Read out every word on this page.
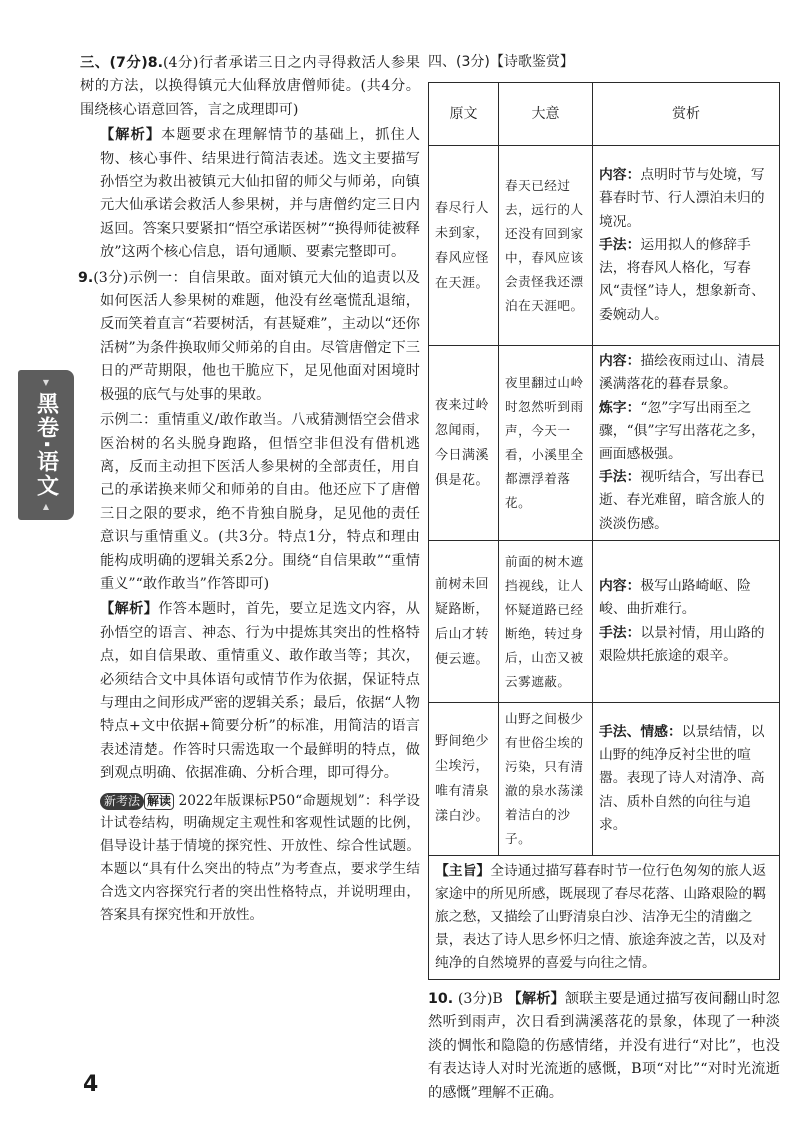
▼
黑卷·语文
▲

三、(7分)8.(4分)行者承诺三日之内寻得救活人参果树的方法，以换得镇元大仙释放唐僧师徒。(共4分。围绕核心语意回答，言之成理即可)

【解析】本题要求在理解情节的基础上，抓住人物、核心事件、结果进行简洁表述。选文主要描写孙悟空为救出被镇元大仙扣留的师父与师弟，向镇元大仙承诺会救活人参果树，并与唐僧约定三日内返回。答案只要紧扣“悟空承诺医树”“换得师徒被释放”这两个核心信息，语句通顺、要素完整即可。

9.(3分)示例一：自信果敢。面对镇元大仙的追责以及如何医活人参果树的难题，他没有丝毫慌乱退缩，反而笑着直言“若要树活，有甚疑难”，主动以“还你活树”为条件换取师父师弟的自由。尽管唐僧定下三日的严苛期限，他也干脆应下，足见他面对困境时极强的底气与处事的果敢。

示例二：重情重义/敢作敢当。八戒猜测悟空会借求医治树的名头脱身跑路，但悟空非但没有借机逃离，反而主动担下医活人参果树的全部责任，用自己的承诺换来师父和师弟的自由。他还应下了唐僧三日之限的要求，绝不肯独自脱身，足见他的责任意识与重情重义。(共3分。特点1分，特点和理由能构成明确的逻辑关系2分。围绕“自信果敢”“重情重义”“敢作敢当”作答即可)

【解析】作答本题时，首先，要立足选文内容，从孙悟空的语言、神态、行为中提炼其突出的性格特点，如自信果敢、重情重义、敢作敢当等；其次，必须结合文中具体语句或情节作为依据，保证特点与理由之间形成严密的逻辑关系；最后，依据“人物特点+文中依据+简要分析”的标准，用简洁的语言表述清楚。作答时只需选取一个最鲜明的特点，做到观点明确、依据准确、分析合理，即可得分。

新考法 解读 2022年版课标P50“命题规划”：科学设计试卷结构，明确规定主观性和客观性试题的比例，倡导设计基于情境的探究性、开放性、综合性试题。本题以“具有什么突出的特点”为考查点，要求学生结合选文内容探究行者的突出性格特点，并说明理由，答案具有探究性和开放性。

4
四、(3分)【诗歌鉴赏】
原文	大意	赏析
春尽行人未到家，春风应怪在天涯。	春天已经过去，远行的人还没有回到家中，春风应该会责怪我还漂泊在天涯吧。	内容：点明时节与处境，写暮春时节、行人漂泊未归的境况。
手法：运用拟人的修辞手法，将春风人格化，写春风“责怪”诗人，想象新奇、委婉动人。
夜来过岭忽闻雨，今日满溪俱是花。	夜里翻过山岭时忽然听到雨声，今天一看，小溪里全都漂浮着落花。	内容：描绘夜雨过山、清晨溪满落花的暮春景象。
炼字：“忽”字写出雨至之骤，“俱”字写出落花之多，画面感极强。
手法：视听结合，写出春已逝、春光难留，暗含旅人的淡淡伤感。
前树未回疑路断，后山才转便云遮。	前面的树木遮挡视线，让人怀疑道路已经断绝，转过身后，山峦又被云雾遮蔽。	内容：极写山路崎岖、险峻、曲折难行。
手法：以景衬情，用山路的艰险烘托旅途的艰辛。
野间绝少尘埃污，唯有清泉漾白沙。	山野之间极少有世俗尘埃的污染，只有清澈的泉水荡漾着洁白的沙子。	手法、情感：以景结情，以山野的纯净反衬尘世的喧嚣。表现了诗人对清净、高洁、质朴自然的向往与追求。
【主旨】全诗通过描写暮春时节一位行色匆匆的旅人返家途中的所见所感，既展现了春尽花落、山路艰险的羁旅之愁，又描绘了山野清泉白沙、洁净无尘的清幽之景，表达了诗人思乡怀归之情、旅途奔波之苦，以及对纯净的自然境界的喜爱与向往之情。		

10. (3分)B 【解析】颔联主要是通过描写夜间翻山时忽然听到雨声，次日看到满溪落花的景象，体现了一种淡淡的惆怅和隐隐的伤感情绪，并没有进行“对比”，也没有表达诗人对时光流逝的感慨，B项“对比”“对时光流逝的感慨”理解不正确。
